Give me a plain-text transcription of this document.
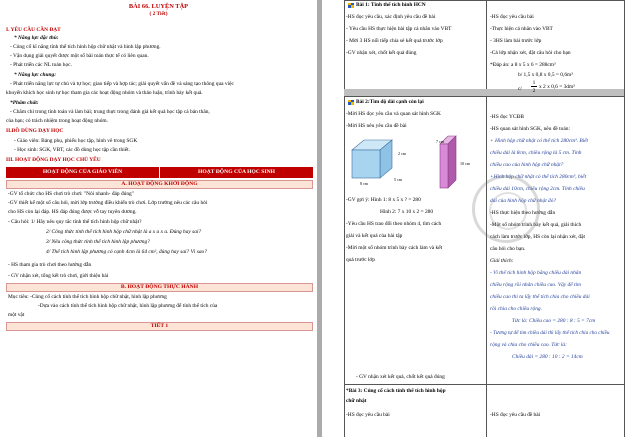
BÀI 66. LUYỆN TẬP
( 2 Tiết)
I. YÊU CẦU CẦN ĐẠT
* Năng lực đặc thù:
- Củng cố kĩ năng tính thể tích hình hộp chữ nhật và hình lập phương.
- Vận dụng giải quyết được một số bài toán thực tế có liên quan.
- Phát triển các NL toán học.
* Năng lực chung:
- Phát triển năng lực tự chủ và tự học; giao tiếp và hợp tác; giải quyết vấn đề và sáng tạo thông qua việc
khuyến khích học sinh tự học tham gia các hoạt động nhóm và thảo luận, trình bày kết quả.
*Phẩm chất:
- Chăm chỉ trong tính toán và làm bài; trung thực trong đánh giá kết quả học tập cá bản thân,
của bạn; có trách nhiệm trong hoạt động nhóm.
II.ĐỒ DÙNG DẠY HỌC
- Giáo viên: Bảng phụ, phiếu học tập, hình vẽ trong SGK
- Học sinh: SGK, VBT, các đồ dùng học tập cần thiết.
III. HOẠT ĐỘNG DẠY HỌC CHỦ YẾU
HOẠT ĐỘNG CỦA GIÁO VIÊN	HOẠT ĐỘNG CỦA HỌC SINH
A. HOẠT ĐỘNG KHỞI ĐỘNG
-GV tổ chức cho HS chơi trò chơi: "Nói nhanh- đáp đúng"
-GV thiết kế một số câu hỏi, mời lớp trưởng điều khiển trò chơi. Lớp trưởng nêu các câu hỏi
cho HS còn lại đáp. HS đáp đúng được vỗ tay tuyên dương.
- Câu hỏi: 1/ Hãy nêu quy tắc tính thể tích hình hộp chữ nhật?
2/ Công thức tính thể tích hình hộp chữ nhật là a x a x a. Đúng hay sai?
3/ Nêu công thức tính thể tích hình lập phương?
4/ Thể tích hình lập phương có cạnh 4cm là 64 cm², đúng hay sai? Vì sao?
- HS tham gia trò chơi theo hướng dẫn
- GV nhận xét, tổng kết trò chơi, giới thiệu bài
B. HOẠT ĐỘNG THỰC HÀNH
Mục tiêu: -Củng cố cách tính thể tích hình hộp chữ nhật, hình lập phương
-Dựa vào cách tính thể tích hình hộp chữ nhật, hình lập phương để tính thể tích của
một vật
TIẾT 1
Bài 1: Tính thể tích hình HCN
-HS đọc yêu cầu, xác định yêu cầu đề bài
- Yêu cầu HS thực hiện bài tập cá nhân vào VBT
- Mời 3 HS nối tiếp chia sẻ kết quả trước lớp
-GV nhận xét, chốt kết quả đúng
-HS đọc yêu cầu bài
-Thực hiện cá nhân vào VBT
- 3HS làm bài trước lớp
-Cả lớp nhận xét, đặt câu hỏi cho bạn
*Đáp án: a 8 x 5 x 6 = 288cm³
b/ 1,5 x 0,8 x 0,5 = 0,6m³
c/
1
2
x 2 x 0,6 = 3dm³
Bài 2:Tìm độ dài cạnh còn lại
-Mời HS đọc yêu cầu và quan sát hình SGK
-Mời HS nêu yêu cầu đề bài
8 cm
5 cm
2 cm
10 cm
7 cm
-GV gợi ý: Hình 1: 8 x 5 x ? = 280
Hình 2: 7 x 10 x 2 = 280
-Yêu cầu HS trao đổi theo nhóm 4, tìm cách
giải và kết quả của bài tập
-Mời một số nhóm trình bày cách làm và kết
quả trước lớp
- GV nhận xét kết quả, chốt kết quả đúng
-HS đọc YCĐB
-HS quan sát hình SGK, nêu đề toán:
+ Hình hộp chữ nhật có thể tích 280cm³. Biết
chiều dài là 8cm, chiều rộng là 5 cm. Tính
chiều cao của hình hộp chữ nhật?
+Hình hộp chữ nhật có thể tích 280cm³, biết
chiều dài 10cm, chiều rộng 2cm. Tính chiều
dài của hình hộp chữ nhật đó?
-HS thực hiện theo hướng dẫn
-Một số nhóm trình bày kết quả, giải thích
cách làm trước lớp, HS còn lại nhận xét, đặt
câu hỏi cho bạn.
Giải thích:
- Vì thể tích hình hộp bằng chiều dài nhân
chiều rộng rồi nhân chiều cao. Vậy để tìm
chiều cao thì ta lấy thể tích chia cho chiều dài
rồi chia cho chiều rộng.
Tức là: Chiều cao = 280 : 8 : 5 = 7cm
- Tương tự để tìm chiều dài thì lấy thể tích chia cho chiều
rộng và chia cho chiều cao. Tức là:
Chiều dài = 280 : 10 : 2 = 14cm
*Bài 3: Củng cố cách tính thể tích hình hộp
chữ nhật
-HS đọc yêu cầu bài	-HS đọc yêu cầu đề bài
